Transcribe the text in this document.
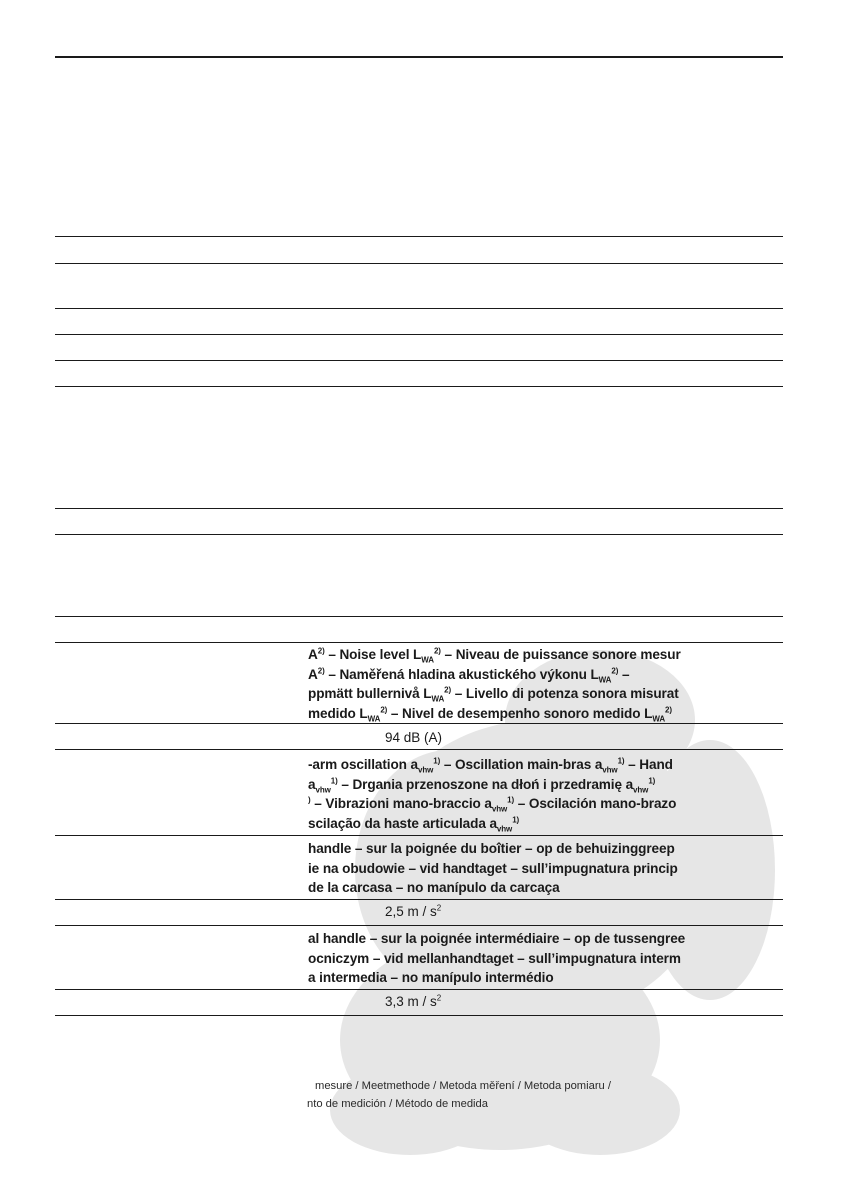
$A^{2)}$ – Noise level $L_{WA}^{2)}$ – Niveau de puissance sonore mesur
$A^{2)}$ – Naměřená hladina akustického výkonu $L_{WA}^{2)}$ –
ppmätt bullernivå $L_{WA}^{2)}$ – Livello di potenza sonora misurat
medido $L_{WA}^{2)}$ – Nivel de desempenho sonoro medido $L_{WA}^{2)}$
94 dB (A)
-arm oscillation $a_{vhw}^{1)}$ – Oscillation main-bras $a_{vhw}^{1)}$ – Hand
$a_{vhw}^{1)}$ – Drgania przenoszone na dłoń i przedramię $a_{vhw}^{1)}$
) – Vibrazioni mano-braccio $a_{vhw}^{1)}$ – Oscilación mano-brazo
scilação da haste articulada $a_{vhw}^{1)}$
handle – sur la poignée du boîtier – op de behuizinggreep
ie na obudowie – vid handtaget – sull’impugnatura princip
de la carcasa – no manípulo da carcaça
2,5 m / $s^2$
al handle – sur la poignée intermédiaire – op de tussengree
ocniczym – vid mellanhandtaget – sull’impugnatura interm
a intermedia – no manípulo intermédio
3,3 m / $s^2$
mesure / Meetmethode / Metoda měření / Metoda pomiaru /
nto de medición / Método de medida
